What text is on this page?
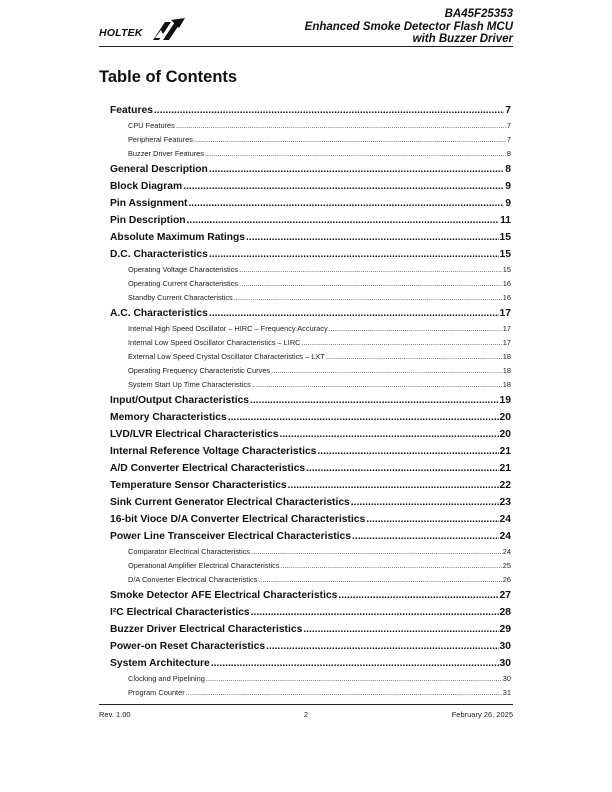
HOLTEK
BA45F25353
Enhanced Smoke Detector Flash MCU
with Buzzer Driver
Table of Contents
Features .....	7
CPU Features .....	7
Peripheral Features .....	7
Buzzer Driver Features .....	8
General Description .....	8
Block Diagram .....	9
Pin Assignment .....	9
Pin Description .....	11
Absolute Maximum Ratings .....	15
D.C. Characteristics .....	15
Operating Voltage Characteristics .....	15
Operating Current Characteristics .....	16
Standby Current Characteristics .....	16
A.C. Characteristics .....	17
Internal High Speed Oscillator – HIRC – Frequency Accuracy .....	17
Internal Low Speed Oscillator Characteristics – LIRC .....	17
External Low Speed Crystal Oscillator Characteristics – LXT .....	18
Operating Frequency Characteristic Curves .....	18
System Start Up Time Characteristics .....	18
Input/Output Characteristics .....	19
Memory Characteristics .....	20
LVD/LVR Electrical Characteristics .....	20
Internal Reference Voltage Characteristics .....	21
A/D Converter Electrical Characteristics .....	21
Temperature Sensor Characteristics .....	22
Sink Current Generator Electrical Characteristics .....	23
16-bit Vioce D/A Converter Electrical Characteristics .....	24
Power Line Transceiver Electrical Characteristics .....	24
Comparator Electrical Characteristics .....	24
Operational Amplifier Electrical Characteristics .....	25
D/A Converter Electrical Characteristics .....	26
Smoke Detector AFE Electrical Characteristics .....	27
I²C Electrical Characteristics .....	28
Buzzer Driver Electrical Characteristics .....	29
Power-on Reset Characteristics .....	30
System Architecture .....	30
Clocking and Pipelining .....	30
Program Counter .....	31
Rev. 1.00	2	February 26, 2025
